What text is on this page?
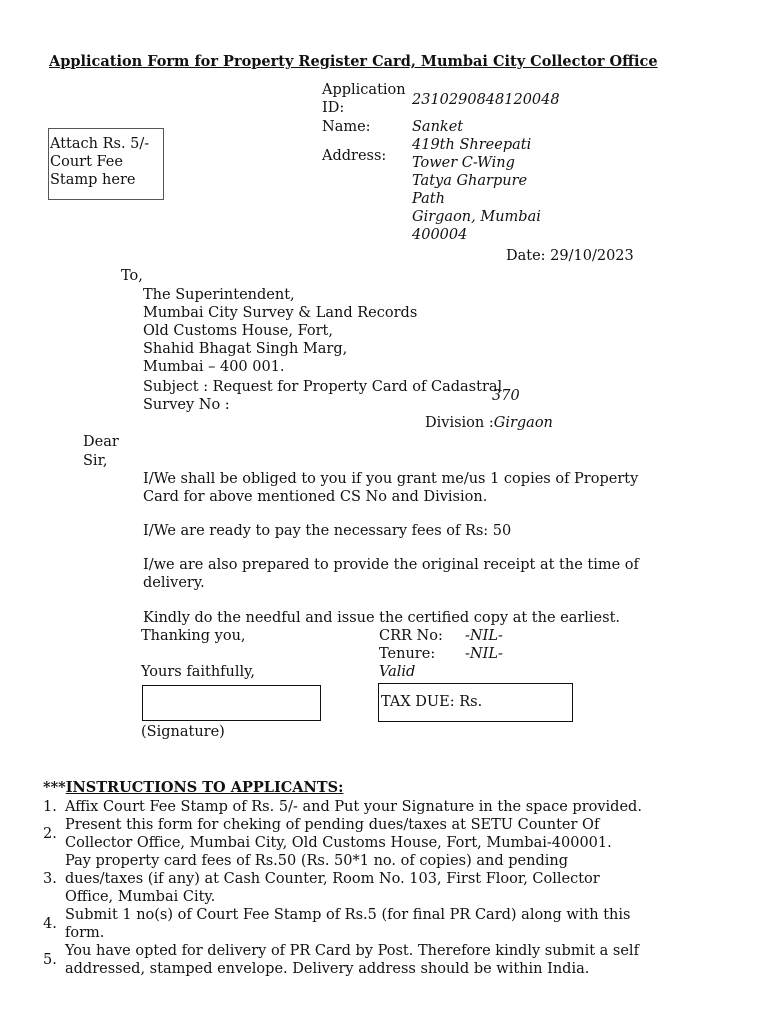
Application Form for Property Register Card, Mumbai City Collector Office
Attach Rs. 5/- Court Fee Stamp here
Application ID:	2310290848120048
Name:	Sanket
Address:
419th Shreepati
Tower C-Wing
Tatya Gharpure
Path
Girgaon, Mumbai
400004
Date: 29/10/2023
To,
The Superintendent,
Mumbai City Survey & Land Records
Old Customs House, Fort,
Shahid Bhagat Singh Marg,
Mumbai – 400 001.
Subject : Request for Property Card of Cadastral
Survey No :
370
Division :Girgaon
Dear
Sir,
I/We shall be obliged to you if you grant me/us 1 copies of Property Card for above mentioned CS No and Division.
I/We are ready to pay the necessary fees of Rs: 50
I/we are also prepared to provide the original receipt at the time of delivery.
Kindly do the needful and issue the certified copy at the earliest.
Thanking you,
Yours faithfully,
(Signature)
CRR No: -NIL-
Tenure: -NIL-
Valid
TAX DUE: Rs.
***INSTRUCTIONS TO APPLICANTS:
1. Affix Court Fee Stamp of Rs. 5/- and Put your Signature in the space provided.
2.
Present this form for cheking of pending dues/taxes at SETU Counter Of Collector Office, Mumbai City, Old Customs House, Fort, Mumbai-400001.
3.
Pay property card fees of Rs.50 (Rs. 50*1 no. of copies) and pending dues/taxes (if any) at Cash Counter, Room No. 103, First Floor, Collector Office, Mumbai City.
4.
Submit 1 no(s) of Court Fee Stamp of Rs.5 (for final PR Card) along with this form.
5.
You have opted for delivery of PR Card by Post. Therefore kindly submit a self addressed, stamped envelope. Delivery address should be within India.
